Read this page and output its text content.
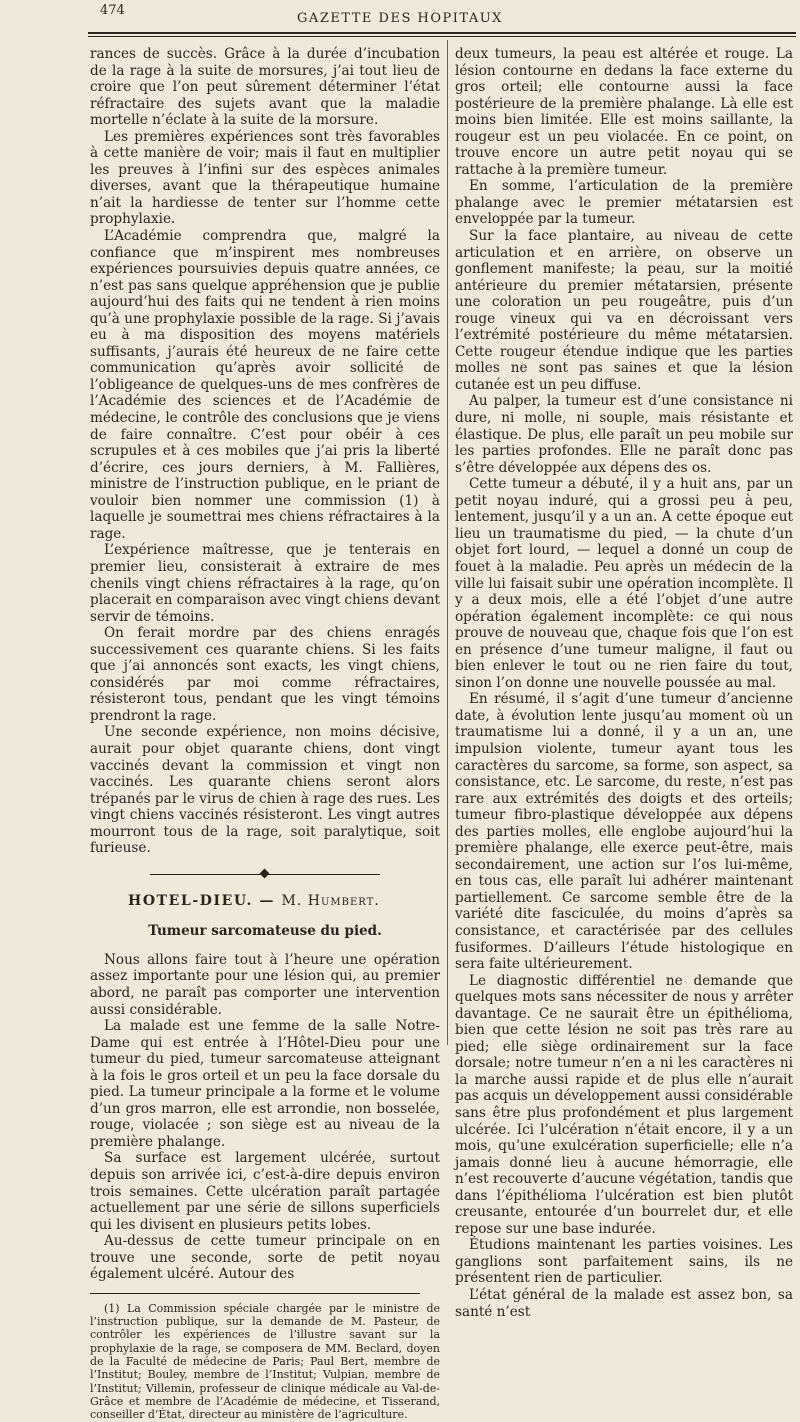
474
GAZETTE DES HOPITAUX

rances de succès. Grâce à la durée d’incubation de la rage à la suite de morsures, j’ai tout lieu de croire que l’on peut sûrement déterminer l’état réfractaire des sujets avant que la maladie mortelle n’éclate à la suite de la morsure.

Les premières expériences sont très favorables à cette manière de voir; mais il faut en multiplier les preuves à l’infini sur des espèces animales diverses, avant que la thérapeutique humaine n’ait la hardiesse de tenter sur l’homme cette prophylaxie.

L’Académie comprendra que, malgré la confiance que m’inspirent mes nombreuses expériences poursuivies depuis quatre années, ce n’est pas sans quelque appréhension que je publie aujourd’hui des faits qui ne tendent à rien moins qu’à une prophylaxie possible de la rage. Si j’avais eu à ma disposition des moyens matériels suffisants, j’aurais été heureux de ne faire cette communication qu’après avoir sollicité de l’obligeance de quelques-uns de mes confrères de l’Académie des sciences et de l’Académie de médecine, le contrôle des conclusions que je viens de faire connaître. C’est pour obéir à ces scrupules et à ces mobiles que j’ai pris la liberté d’écrire, ces jours derniers, à M. Fallières, ministre de l’instruction publique, en le priant de vouloir bien nommer une commission (1) à laquelle je soumettrai mes chiens réfractaires à la rage.

L’expérience maîtresse, que je tenterais en premier lieu, consisterait à extraire de mes chenils vingt chiens réfractaires à la rage, qu’on placerait en comparaison avec vingt chiens devant servir de témoins.

On ferait mordre par des chiens enragés successivement ces quarante chiens. Si les faits que j’ai annoncés sont exacts, les vingt chiens, considérés par moi comme réfractaires, résisteront tous, pendant que les vingt témoins prendront la rage.

Une seconde expérience, non moins décisive, aurait pour objet quarante chiens, dont vingt vaccinés devant la commission et vingt non vaccinés. Les quarante chiens seront alors trépanés par le virus de chien à rage des rues. Les vingt chiens vaccinés résisteront. Les vingt autres mourront tous de la rage, soit paralytique, soit furieuse.

HOTEL-DIEU. — M. Humbert.
Tumeur sarcomateuse du pied.

Nous allons faire tout à l’heure une opération assez importante pour une lésion qui, au premier abord, ne paraît pas comporter une intervention aussi considérable.

La malade est une femme de la salle Notre-Dame qui est entrée à l’Hôtel-Dieu pour une tumeur du pied, tumeur sarcomateuse atteignant à la fois le gros orteil et un peu la face dorsale du pied. La tumeur principale a la forme et le volume d’un gros marron, elle est arrondie, non bosselée, rouge, violacée ; son siège est au niveau de la première phalange.

Sa surface est largement ulcérée, surtout depuis son arrivée ici, c’est-à-dire depuis environ trois semaines. Cette ulcération paraît partagée actuellement par une série de sillons superficiels qui les divisent en plusieurs petits lobes.

Au-dessus de cette tumeur principale on en trouve une seconde, sorte de petit noyau également ulcéré. Autour des

(1) La Commission spéciale chargée par le ministre de l’instruction publique, sur la demande de M. Pasteur, de contrôler les expériences de l’illustre savant sur la prophylaxie de la rage, se composera de MM. Beclard, doyen de la Faculté de médecine de Paris; Paul Bert, membre de l’Institut; Bouley, membre de l’Institut; Vulpian, membre de l’Institut; Villemin, professeur de clinique médicale au Val-de-Grâce et membre de l’Académie de médecine, et Tisserand, conseiller d’État, directeur au ministère de l’agriculture.

deux tumeurs, la peau est altérée et rouge. La lésion contourne en dedans la face externe du gros orteil; elle contourne aussi la face postérieure de la première phalange. Là elle est moins bien limitée. Elle est moins saillante, la rougeur est un peu violacée. En ce point, on trouve encore un autre petit noyau qui se rattache à la première tumeur.

En somme, l’articulation de la première phalange avec le premier métatarsien est enveloppée par la tumeur.

Sur la face plantaire, au niveau de cette articulation et en arrière, on observe un gonflement manifeste; la peau, sur la moitié antérieure du premier métatarsien, présente une coloration un peu rougeâtre, puis d’un rouge vineux qui va en décroissant vers l’extrémité postérieure du même métatarsien. Cette rougeur étendue indique que les parties molles ne sont pas saines et que la lésion cutanée est un peu diffuse.

Au palper, la tumeur est d’une consistance ni dure, ni molle, ni souple, mais résistante et élastique. De plus, elle paraît un peu mobile sur les parties profondes. Elle ne paraît donc pas s’être développée aux dépens des os.

Cette tumeur a débuté, il y a huit ans, par un petit noyau induré, qui a grossi peu à peu, lentement, jusqu’il y a un an. A cette époque eut lieu un traumatisme du pied, — la chute d’un objet fort lourd, — lequel a donné un coup de fouet à la maladie. Peu après un médecin de la ville lui faisait subir une opération incomplète. Il y a deux mois, elle a été l’objet d’une autre opération également incomplète: ce qui nous prouve de nouveau que, chaque fois que l’on est en présence d’une tumeur maligne, il faut ou bien enlever le tout ou ne rien faire du tout, sinon l’on donne une nouvelle poussée au mal.

En résumé, il s’agit d’une tumeur d’ancienne date, à évolution lente jusqu’au moment où un traumatisme lui a donné, il y a un an, une impulsion violente, tumeur ayant tous les caractères du sarcome, sa forme, son aspect, sa consistance, etc. Le sarcome, du reste, n’est pas rare aux extrémités des doigts et des orteils; tumeur fibro-plastique développée aux dépens des parties molles, elle englobe aujourd’hui la première phalange, elle exerce peut-être, mais secondairement, une action sur l’os lui-même, en tous cas, elle paraît lui adhérer maintenant partiellement. Ce sarcome semble être de la variété dite fasciculée, du moins d’après sa consistance, et caractérisée par des cellules fusiformes. D’ailleurs l’étude histologique en sera faite ultérieurement.

Le diagnostic différentiel ne demande que quelques mots sans nécessiter de nous y arrêter davantage. Ce ne saurait être un épithélioma, bien que cette lésion ne soit pas très rare au pied; elle siège ordinairement sur la face dorsale; notre tumeur n’en a ni les caractères ni la marche aussi rapide et de plus elle n’aurait pas acquis un développement aussi considérable sans être plus profondément et plus largement ulcérée. Ici l’ulcération n’était encore, il y a un mois, qu’une exulcération superficielle; elle n’a jamais donné lieu à aucune hémorragie, elle n’est recouverte d’aucune végétation, tandis que dans l’épithélioma l’ulcération est bien plutôt creusante, entourée d’un bourrelet dur, et elle repose sur une base indurée.

Étudions maintenant les parties voisines. Les ganglions sont parfaitement sains, ils ne présentent rien de particulier.

L’état général de la malade est assez bon, sa santé n’est
